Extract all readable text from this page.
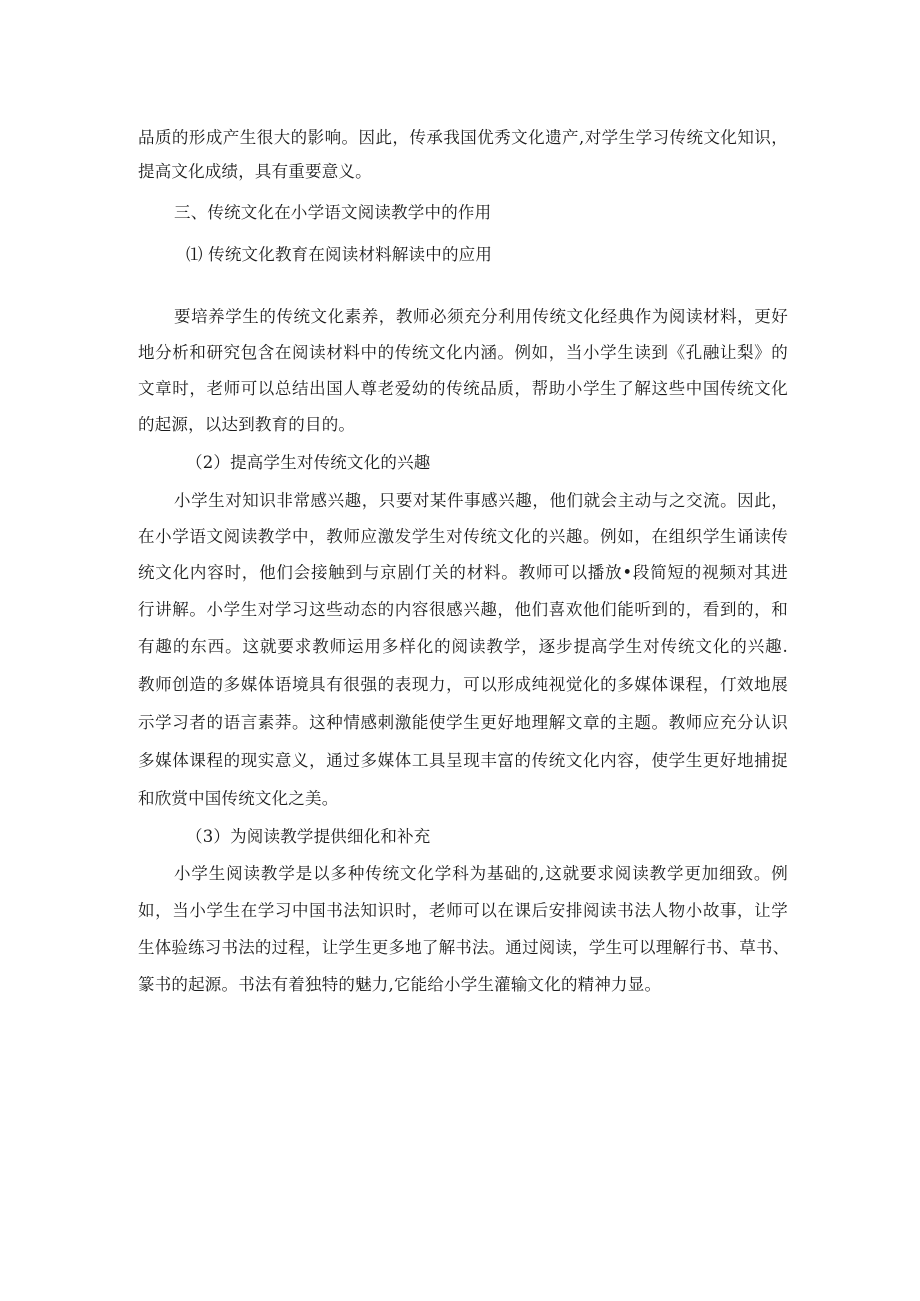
品质的形成产生很大的影响。因此，传承我国优秀文化遗产,对学生学习传统文化知识，
提高文化成绩，具有重要意义。
三、传统文化在小学语文阅读教学中的作用
⑴ 传统文化教育在阅读材料解读中的应用
要培养学生的传统文化素养，教师必须充分利用传统文化经典作为阅读材料，更好
地分析和研究包含在阅读材料中的传统文化内涵。例如，当小学生读到《孔融让梨》的
文章时，老师可以总结出国人尊老爱幼的传统品质，帮助小学生了解这些中国传统文化
的起源，以达到教育的目的。
（2）提高学生对传统文化的兴趣
小学生对知识非常感兴趣，只要对某件事感兴趣，他们就会主动与之交流。因此，
在小学语文阅读教学中，教师应激发学生对传统文化的兴趣。例如，在组织学生诵读传
统文化内容时，他们会接触到与京剧仃关的材料。教师可以播放•段简短的视频对其进
行讲解。小学生对学习这些动态的内容很感兴趣，他们喜欢他们能听到的，看到的，和
有趣的东西。这就要求教师运用多样化的阅读教学，逐步提高学生对传统文化的兴趣.
教师创造的多媒体语境具有很强的表现力，可以形成纯视觉化的多媒体课程，仃效地展
示学习者的语言素莽。这种情感刺激能使学生更好地理解文章的主题。教师应充分认识
多媒体课程的现实意义，通过多媒体工具呈现丰富的传统文化内容，使学生更好地捕捉
和欣赏中国传统文化之美。
（3）为阅读教学提供细化和补充
小学生阅读教学是以多种传统文化学科为基础的,这就要求阅读教学更加细致。例
如，当小学生在学习中国书法知识时，老师可以在课后安排阅读书法人物小故事，让学
生体验练习书法的过程，让学生更多地了解书法。通过阅读，学生可以理解行书、草书、
篆书的起源。书法有着独特的魅力,它能给小学生灌输文化的精神力显。
